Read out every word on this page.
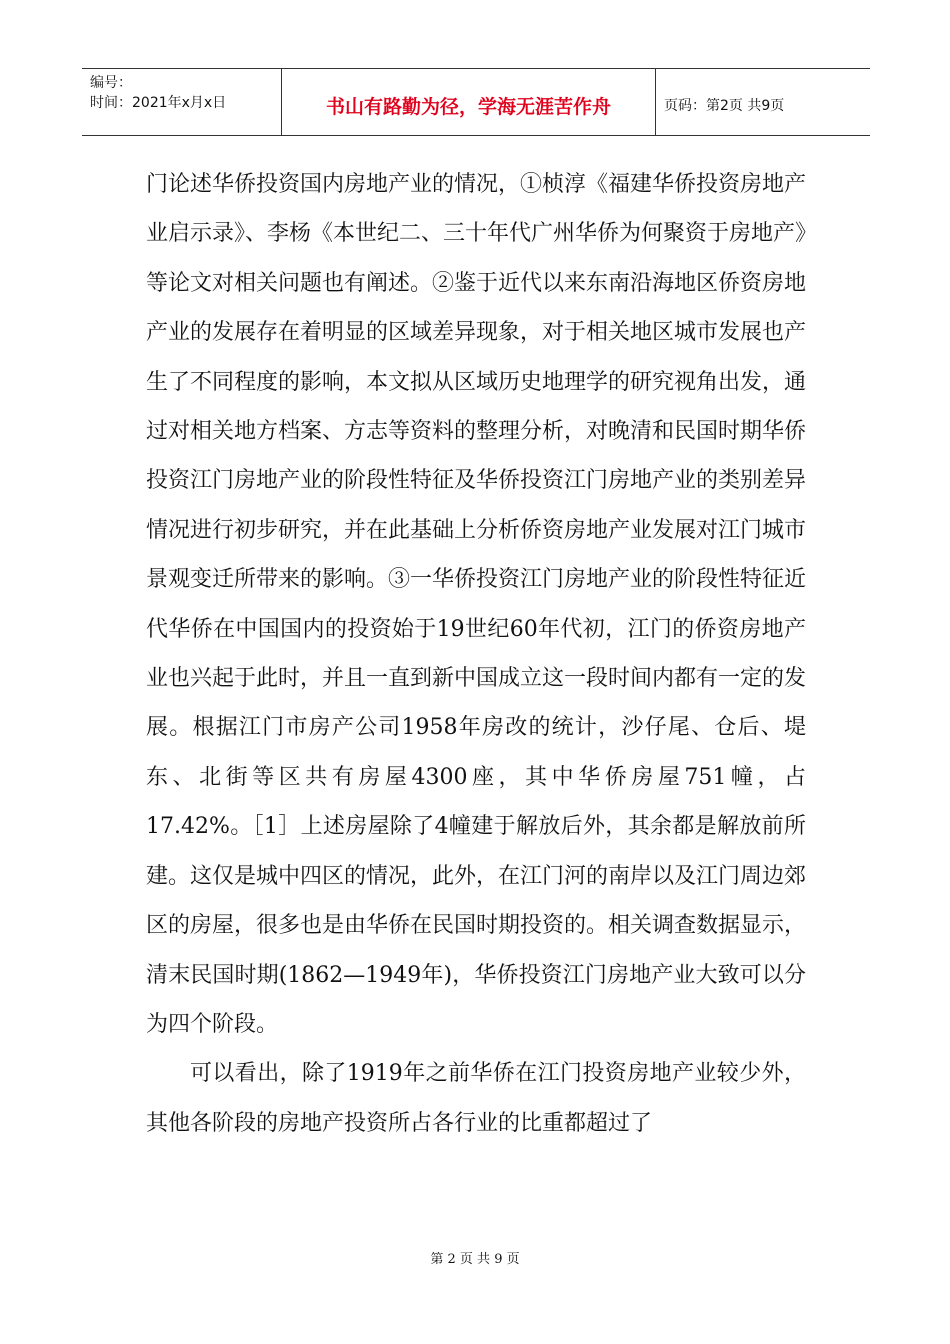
编号：
时间：2021年x月x日	书山有路勤为径，学海无涯苦作舟	页码：第2页 共9页

门论述华侨投资国内房地产业的情况，①桢淳《福建华侨投资房地产业启示录》、李杨《本世纪二、三十年代广州华侨为何聚资于房地产》等论文对相关问题也有阐述。②鉴于近代以来东南沿海地区侨资房地产业的发展存在着明显的区域差异现象，对于相关地区城市发展也产生了不同程度的影响，本文拟从区域历史地理学的研究视角出发，通过对相关地方档案、方志等资料的整理分析，对晚清和民国时期华侨投资江门房地产业的阶段性特征及华侨投资江门房地产业的类别差异情况进行初步研究，并在此基础上分析侨资房地产业发展对江门城市景观变迁所带来的影响。③一华侨投资江门房地产业的阶段性特征近代华侨在中国国内的投资始于19世纪60年代初，江门的侨资房地产业也兴起于此时，并且一直到新中国成立这一段时间内都有一定的发展。根据江门市房产公司1958年房改的统计，沙仔尾、仓后、堤东、北街等区共有房屋4300座，其中华侨房屋751幢，占17.42%。［1］上述房屋除了4幢建于解放后外，其余都是解放前所建。这仅是城中四区的情况，此外，在江门河的南岸以及江门周边郊区的房屋，很多也是由华侨在民国时期投资的。相关调查数据显示，清末民国时期(1862—1949年)，华侨投资江门房地产业大致可以分为四个阶段。

可以看出，除了1919年之前华侨在江门投资房地产业较少外，其他各阶段的房地产投资所占各行业的比重都超过了

第 2 页 共 9 页
